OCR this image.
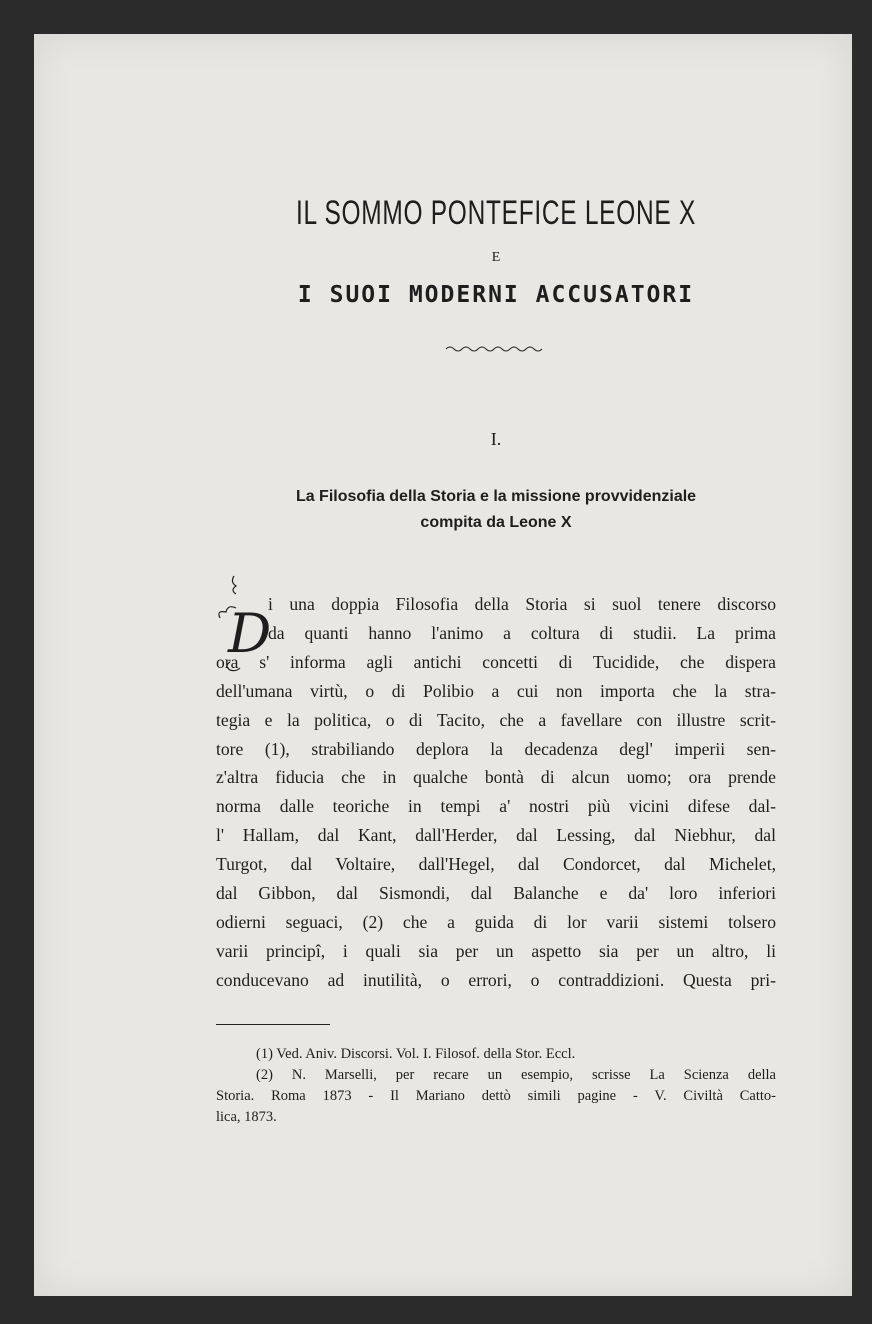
IL SOMMO PONTEFICE LEONE X

E

I SUOI MODERNI ACCUSATORI

I.

La Filosofia della Storia e la missione provvidenziale
compita da Leone X
D
i una doppia Filosofia della Storia si suol tenere discorso
da quanti hanno l'animo a coltura di studii. La prima
ora s' informa agli antichi concetti di Tucidide, che dispera
dell'umana virtù, o di Polibio a cui non importa che la stra-
tegia e la politica, o di Tacito, che a favellare con illustre scrit-
tore (1), strabiliando deplora la decadenza degl' imperii sen-
z'altra fiducia che in qualche bontà di alcun uomo; ora prende
norma dalle teoriche in tempi a' nostri più vicini difese dal-
l' Hallam, dal Kant, dall'Herder, dal Lessing, dal Niebhur, dal
Turgot, dal Voltaire, dall'Hegel, dal Condorcet, dal Michelet,
dal Gibbon, dal Sismondi, dal Balanche e da' loro inferiori
odierni seguaci, (2) che a guida di lor varii sistemi tolsero
varii principî, i quali sia per un aspetto sia per un altro, li
conducevano ad inutilità, o errori, o contraddizioni. Questa pri-
(1) Ved. Aniv. Discorsi. Vol. I. Filosof. della Stor. Eccl.
(2) N. Marselli, per recare un esempio, scrisse La Scienza della
Storia. Roma 1873 - Il Mariano dettò simili pagine - V. Civiltà Catto-
lica, 1873.
